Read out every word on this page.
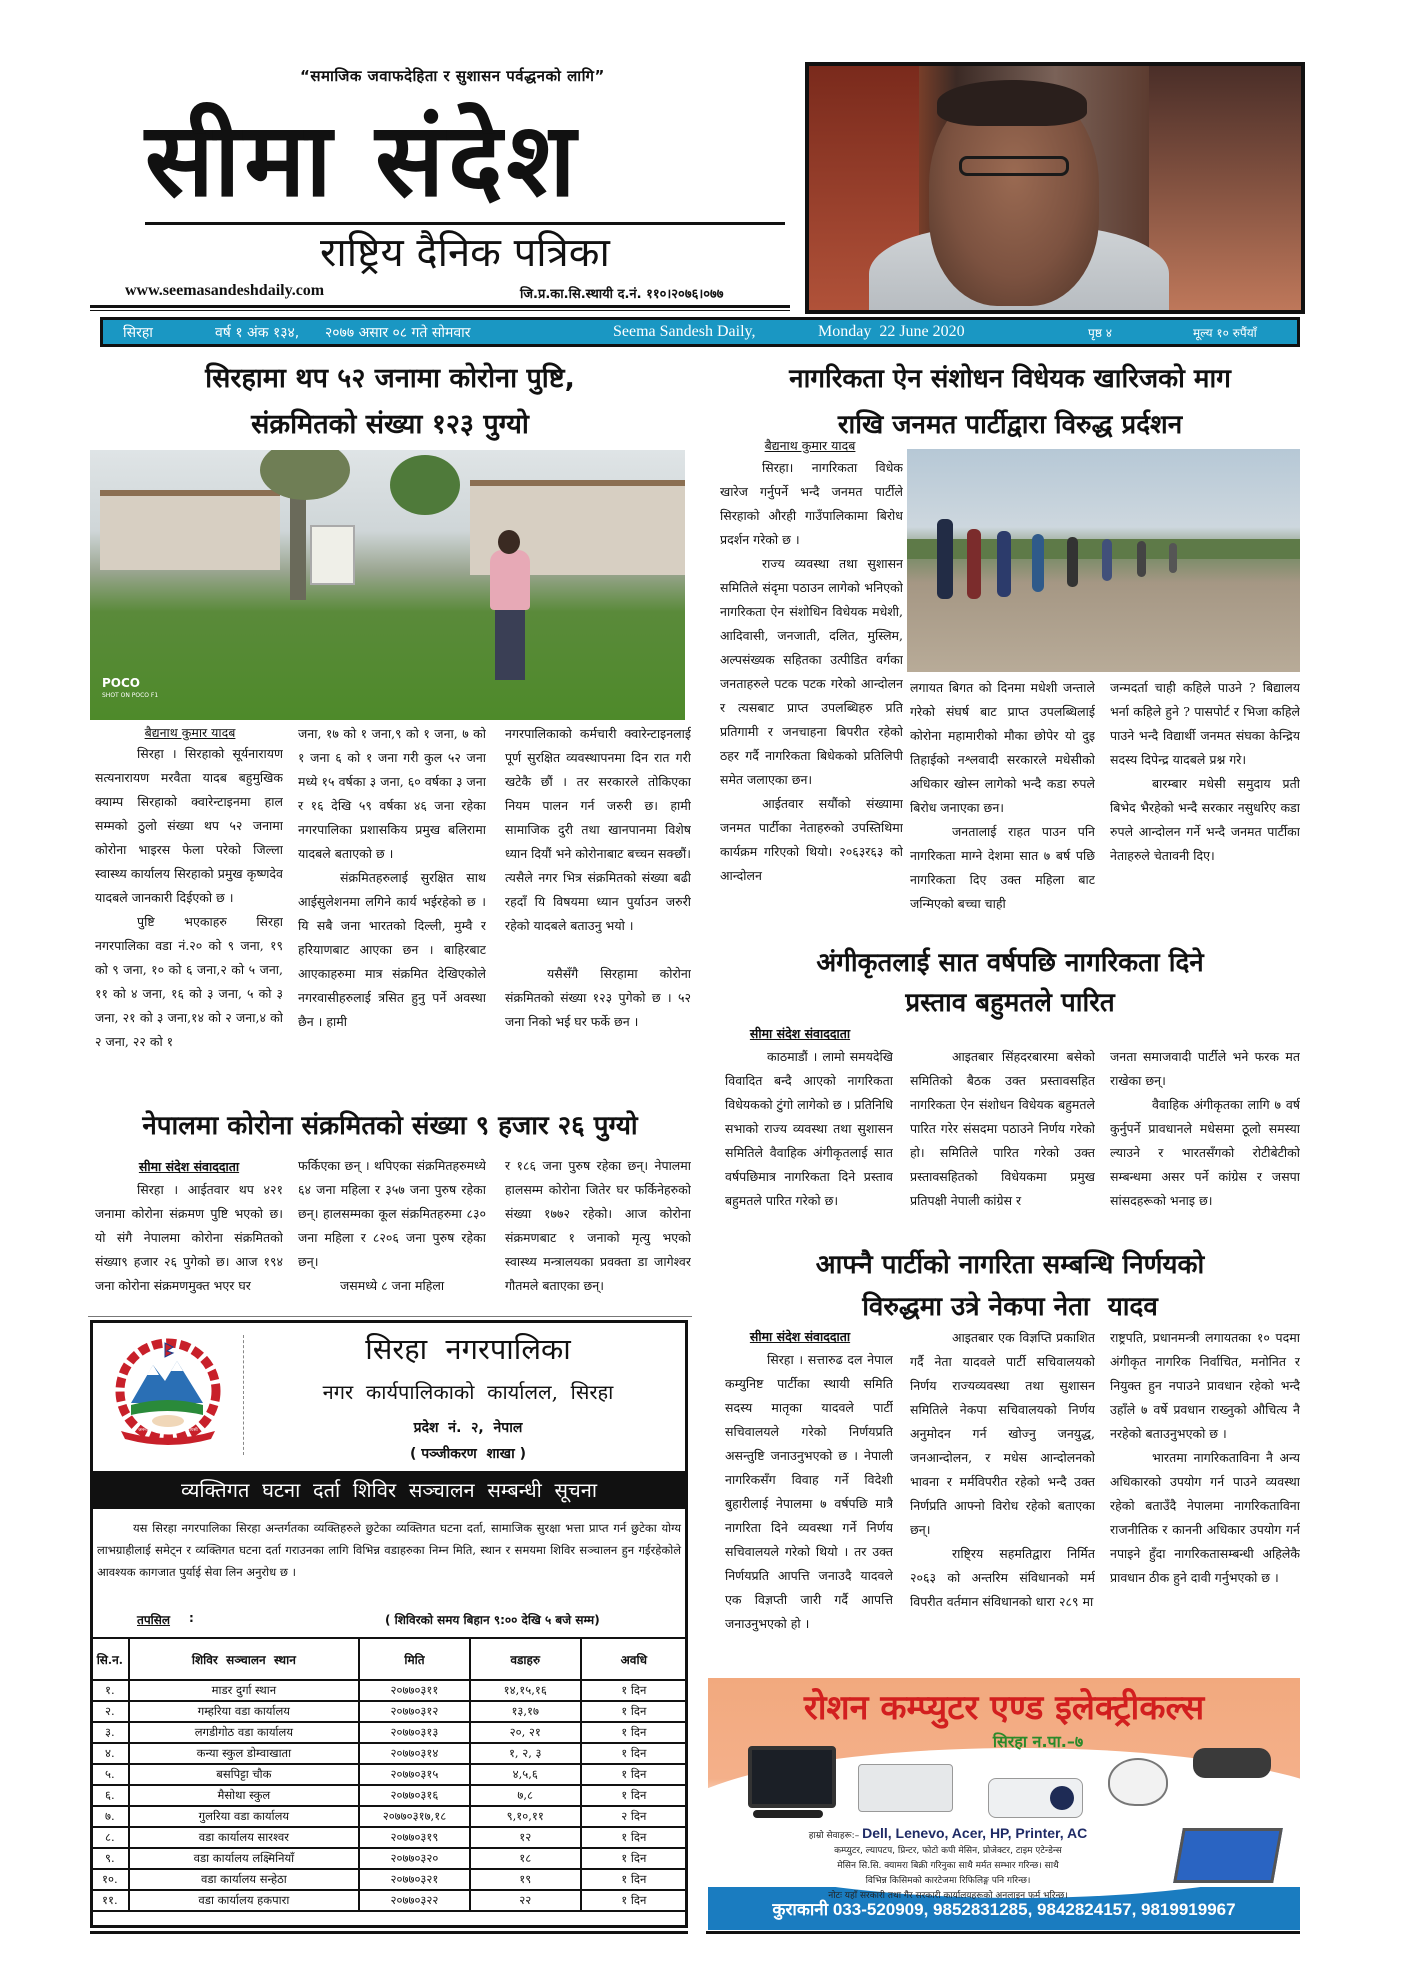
“समाजिक जवाफदेहिता र सुशासन पर्वद्धनको लागि”
सीमा संदेश
राष्ट्रिय दैनिक पत्रिका
www.seemasandeshdaily.com	जि.प्र.का.सि.स्थायी द.नं. ११०।२०७६।०७७
सिरहा	वर्ष १ अंक १३४, २०७७ असार ०८ गते सोमवार	Seema Sandesh Daily,	Monday  22 June 2020	पृष्ठ ४	मूल्य १० रुपैंयाँ
सिरहामा थप ५२ जनामा कोरोना पुष्टि,
संक्रमितको संख्या १२३ पुग्यो
POCO
SHOT ON POCO F1
बैद्यनाथ कुमार यादब

सिरहा । सिरहाको सूर्यनारायण सत्यनारायण मरवैता यादब बहुमुखिक क्याम्प सिरहाको क्वारेन्टाइनमा हाल सम्मको ठुलो संख्या थप ५२ जनामा कोरोना भाइरस फेला परेको जिल्ला स्वास्थ्य कार्यालय सिरहाको प्रमुख कृष्णदेव यादबले जानकारी दिईएको छ ।

पुष्टि भएकाहरु सिरहा नगरपालिका वडा नं.२० को ९ जना, १९ को ९ जना, १० को ६ जना,२ को ५ जना, ११ को ४ जना, १६ को ३ जना, ५ को ३ जना, २१ को ३ जना,१४ को २ जना,४ को २ जना, २२ को १

जना, १७ को १ जना,९ को १ जना, ७ को १ जना ६ को १ जना गरी कुल ५२ जना मध्ये १५ वर्षका ३ जना, ६० वर्षका ३ जना र १६ देखि ५९ वर्षका ४६ जना रहेका नगरपालिका प्रशासकिय प्रमुख बलिरामा यादबले बताएको छ ।

संक्रमितहरुलाई सुरक्षित साथ आईसुलेशनमा लगिने कार्य भईरहेको छ । यि सबै जना भारतको दिल्ली, मुम्वै र हरियाणबाट आएका छन । बाहिरबाट आएकाहरुमा मात्र संक्रमित देखिएकोले नगरवासीहरुलाई त्रसित हुनु पर्ने अवस्था छैन । हामी

नगरपालिकाको कर्मचारी क्वारेन्टाइनलाई पूर्ण सुरक्षित व्यवस्थापनमा दिन रात गरी खटेकै छौं । तर सरकारले तोकिएका नियम पालन गर्न जरुरी छ। हामी सामाजिक दुरी तथा खानपानमा विशेष ध्यान दियौं भने कोरोनाबाट बच्चन सक्छौं। त्यसैले नगर भित्र संक्रमितको संख्या बढी रहदाँ यि विषयमा ध्यान पुर्याउन जरुरी रहेको यादबले बताउनु भयो ।

यसैसँगै सिरहामा कोरोना संक्रमितको संख्या १२३ पुगेको छ । ५२ जना निको भई घर फर्के छन ।

नेपालमा कोरोना संक्रमितको संख्या ९ हजार २६ पुग्यो
सीमा संदेश संवाददाता

सिरहा । आईतवार थप ४२१ जनामा कोरोना संक्रमण पुष्टि भएको छ। यो संगै नेपालमा कोरोना संक्रमितको संख्या९ हजार २६ पुगेको छ। आज १९४ जना कोरोना संक्रमणमुक्त भएर घर

फर्किएका छन् । थपिएका संक्रमितहरुमध्ये ६४ जना महिला र ३५७ जना पुरुष रहेका छन्। हालसम्मका कूल संक्रमितहरुमा ८३० जना महिला र ८२०६ जना पुरुष रहेका छन्।

जसमध्ये ८ जना महिला

र १८६ जना पुरुष रहेका छन्। नेपालमा हालसम्म कोरोना जितेर घर फर्किनेहरुको संख्या १७७२ रहेको। आज कोरोना संक्रमणबाट १ जनाको मृत्यु भएको स्वास्थ्य मन्त्रालयका प्रवक्ता डा जागेश्वर गौतमले बताएका छन्।

नागरिकता ऐन संशोधन विधेयक खारिजको माग
राखि जनमत पार्टीद्वारा विरुद्ध प्रर्दशन
बैद्यनाथ कुमार यादब

सिरहा। नागरिकता विधेक खारेज गर्नुपर्ने भन्दै जनमत पार्टीले सिरहाको औरही गाउँपालिकामा बिरोध प्रदर्शन गरेको छ ।

राज्य व्यवस्था तथा सुशासन समितिले संदृमा पठाउन लागेको भनिएको नागरिकता ऐन संशोधिन विधेयक मधेशी, आदिवासी, जनजाती, दलित, मुस्लिम, अल्पसंख्यक सहितका उत्पीडित वर्गका जनताहरुले पटक पटक गरेको आन्दोलन र त्यसबाट प्राप्त उपलब्धिहरु प्रति प्रतिगामी र जनचाहना बिपरीत रहेको ठहर गर्दै नागरिकता बिधेकको प्रतिलिपी समेत जलाएका छन।

आईतवार सयौंको संख्यामा जनमत पार्टीका नेताहरुको उपस्तिथिमा कार्यक्रम गरिएको थियो। २०६३र६३ को आन्दोलन

लगायत बिगत को दिनमा मधेशी जन्ताले गरेको संघर्ष बाट प्राप्त उपलब्धिलाई कोरोना महामारीको मौका छोपेर यो दुइ तिहाईको नश्लवादी सरकारले मधेसीको अधिकार खोस्न लागेको भन्दै कडा रुपले बिरोध जनाएका छन।

जनतालाई राहत पाउन पनि नागरिकता माग्ने देशमा सात ७ बर्ष पछि नागरिकता दिए उक्त महिला बाट जन्मिएको बच्चा चाही

जन्मदर्ता चाही कहिले पाउने ? बिद्यालय भर्ना कहिले हुने ? पासपोर्ट र भिजा कहिले पाउने भन्दै विद्यार्थी जनमत संघका केन्द्रिय सदस्य दिपेन्द्र यादबले प्रश्न गरे।

बारम्बार मधेसी समुदाय प्रती बिभेद भैरहेको भन्दै सरकार नसुधरिए कडा रुपले आन्दोलन गर्ने भन्दै जनमत पार्टीका नेताहरुले चेतावनी दिए।

अंगीकृतलाई सात वर्षपछि नागरिकता दिने
प्रस्ताव बहुमतले पारित
सीमा संदेश संवाददाता

काठमाडौं । लामो समयदेखि विवादित बन्दै आएको नागरिकता विधेयकको टुंगो लागेको छ । प्रतिनिधि सभाको राज्य व्यवस्था तथा सुशासन समितिले वैवाहिक अंगीकृतलाई सात वर्षपछिमात्र नागरिकता दिने प्रस्ताव बहुमतले पारित गरेको छ।

आइतबार सिंहदरबारमा बसेको समितिको बैठक उक्त प्रस्तावसहित नागरिकता ऐन संशोधन विधेयक बहुमतले पारित गरेर संसदमा पठाउने निर्णय गरेको हो। समितिले पारित गरेको उक्त प्रस्तावसहितको विधेयकमा प्रमुख प्रतिपक्षी नेपाली कांग्रेस र

जनता समाजवादी पार्टीले भने फरक मत राखेका छन्।

वैवाहिक अंगीकृतका लागि ७ वर्ष कुर्नुपर्ने प्रावधानले मधेसमा ठूलो समस्या ल्याउने र भारतसँगको रोटीबेटीको सम्बन्धमा असर पर्ने कांग्रेस र जसपा सांसदहरूको भनाइ छ।

आफ्नै पार्टीको नागरिता सम्बन्धि निर्णयको
विरुद्धमा उत्रे नेकपा नेता  यादव
सीमा संदेश संवाददाता

सिरहा । सत्तारुढ दल नेपाल कम्युनिष्ट पार्टीका स्थायी समिति सदस्य मातृका यादवले पार्टी सचिवालयले गरेको निर्णयप्रति असन्तुष्टि जनाउनुभएको छ । नेपाली नागरिकसँग विवाह गर्ने विदेशी बुहारीलाई नेपालमा ७ वर्षपछि मात्रै नागरिता दिने व्यवस्था गर्ने निर्णय सचिवालयले गरेको थियो । तर उक्त निर्णयप्रति आपत्ति जनाउदै यादवले एक विज्ञप्ती जारी गर्दै आपत्ति जनाउनुभएको हो ।

आइतबार एक विज्ञप्ति प्रकाशित गर्दै नेता यादवले पार्टी सचिवालयको निर्णय राज्यव्यवस्था तथा सुशासन समितिले नेकपा सचिवालयको निर्णय अनुमोदन गर्न खोज्नु जनयुद्ध, जनआन्दोलन, र मधेस आन्दोलनको भावना र मर्मविपरीत रहेको भन्दै उक्त निर्णप्रति आफ्नो विरोध रहेको बताएका छन्।

राष्टि्रय सहमतिद्वारा निर्मित २०६३ को अन्तरिम संविधानको मर्म विपरीत वर्तमान संविधानको धारा २८९ मा

राष्ट्रपति, प्रधानमन्त्री लगायतका १० पदमा अंगीकृत नागरिक निर्वाचित, मनोनित र नियुक्त हुन नपाउने प्रावधान रहेको भन्दै उहाँले ७ वर्षे प्रवधान राख्नुको औचित्य नै नरहेको बताउनुभएको छ ।

भारतमा नागरिकताविना नै अन्य अधिकारको उपयोग गर्न पाउने व्यवस्था रहेको बताउँदै नेपालमा नागरिकताविना राजनीतिक र काननी अधिकार उपयोग गर्न नपाइने हुँदा नागरिकतासम्बन्धी अहिलेकै प्रावधान ठीक हुने दावी गर्नुभएको छ ।

जननी जन्मभूमिश्च स्वर्गादपि गरीयसी
सिरहा  नगरपालिका
नगर  कार्यपालिकाको  कार्यालल,  सिरहा
प्रदेश  नं.  २,  नेपाल
( पञ्जीकरण  शाखा )
व्यक्तिगत  घटना  दर्ता  शिविर  सञ्चालन  सम्बन्धी  सूचना

यस सिरहा नगरपालिका सिरहा अन्तर्गतका व्यक्तिहरुले छुटेका व्यक्तिगत घटना दर्ता, सामाजिक सुरक्षा भत्ता प्राप्त गर्न छुटेका योग्य लाभग्राहीलाई समेट्न र व्यक्तिगत घटना दर्ता गराउनका लागि विभिन्न वडाहरुका निम्न मिति, स्थान र समयमा शिविर सञ्चालन हुन गईरहेकोले आवश्यक कागजात पुर्याई सेवा लिन अनुरोध छ ।

तपसिल :	( शिविरको समय बिहान ९:०० देखि ५ बजे सम्म)
सि.न.	शिविर  सञ्चालन  स्थान	मिति	वडाहरु	अवधि
१.	माडर दुर्गा स्थान	२०७७०३११	१४,१५,१६	१ दिन
२.	गम्हरिया वडा कार्यालय	२०७७०३१२	१३,१७	१ दिन
३.	लगडीगोठ वडा कार्यालय	२०७७०३१३	२०, २१	१ दिन
४.	कन्या स्कुल डोम्वाखाता	२०७७०३१४	१, २, ३	१ दिन
५.	बसपिट्टा चौक	२०७७०३१५	४,५,६	१ दिन
६.	मैसोथा स्कुल	२०७७०३१६	७,८	१ दिन
७.	गुलरिया वडा कार्यालय	२०७७०३१७,१८	९,१०,११	२ दिन
८.	वडा कार्यालय सारश्वर	२०७७०३१९	१२	१ दिन
९.	वडा कार्यालय लक्ष्मिनियाँ	२०७७०३२०	१८	१ दिन
१०.	वडा कार्यालय सन्हेठा	२०७७०३२१	१९	१ दिन
११.	वडा कार्यालय हकपारा	२०७७०३२२	२२	१ दिन
रोशन कम्प्युटर एण्ड इलेक्ट्रीकल्स
सिरहा न.पा.–७
हाम्रो सेवाहरू:– Dell, Lenevo, Acer, HP, Printer, AC
कम्प्युटर, ल्यापटप, प्रिन्टर, फोटो कपी मेसिन, प्रोजेक्टर, टाइम एटेन्डेन्स
मेसिन सि.सि. क्यामरा बिक्री गरिनुका साथै मर्मत सम्भार गरिन्छ। साथै
विभिन्न किसिमको कारटेजमा रिफिलिङ्ग पनि गरिन्छ।
नोटः यहाँ सरकारी तथा गैर सरकारी कार्यालयहरूको अनलाइन फर्म भरिन्छ।
कुराकानी 033-520909, 9852831285, 9842824157, 9819919967
